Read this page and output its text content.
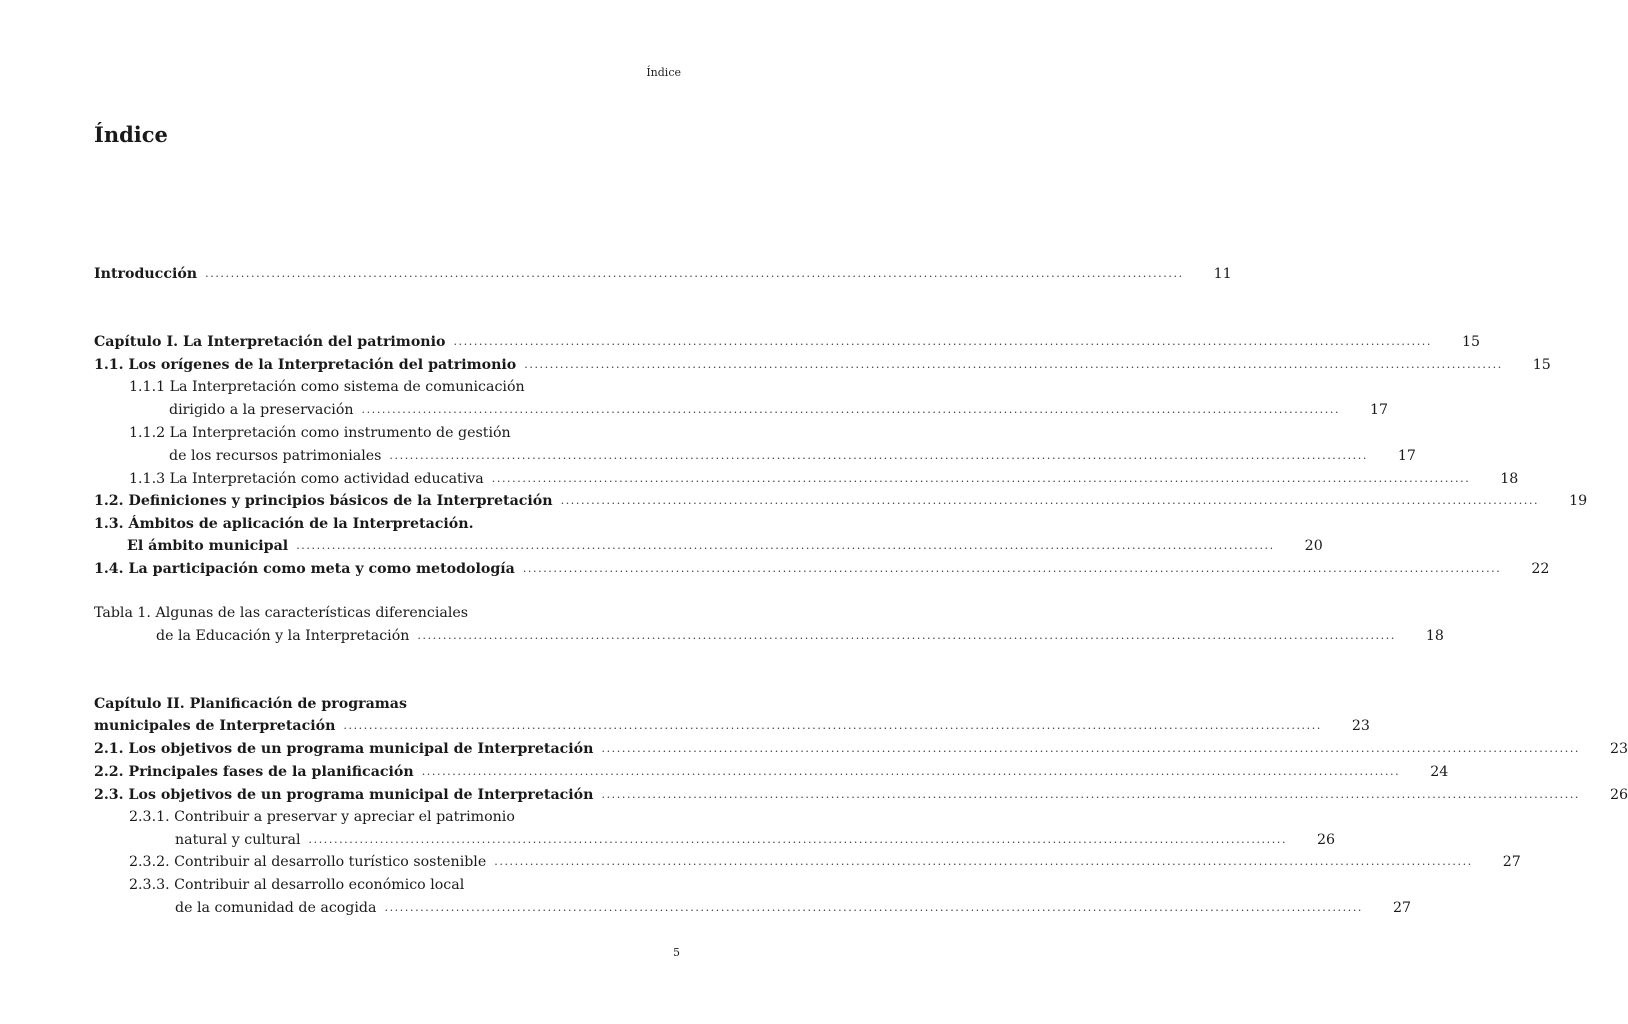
Índice
Índice
Introducción .....	11
Capítulo I. La Interpretación del patrimonio .....	15
1.1. Los orígenes de la Interpretación del patrimonio .....	15
1.1.1 La Interpretación como sistema de comunicación
dirigido a la preservación .....	17
1.1.2 La Interpretación como instrumento de gestión
de los recursos patrimoniales .....	17
1.1.3 La Interpretación como actividad educativa .....	18
1.2. Definiciones y principios básicos de la Interpretación .....	19
1.3. Ámbitos de aplicación de la Interpretación.
El ámbito municipal .....	20
1.4. La participación como meta y como metodología .....	22
Tabla 1. Algunas de las características diferenciales
de la Educación y la Interpretación .....	18
Capítulo II. Planificación de programas
municipales de Interpretación .....	23
2.1. Los objetivos de un programa municipal de Interpretación .....	23
2.2. Principales fases de la planificación .....	24
2.3. Los objetivos de un programa municipal de Interpretación .....	26
2.3.1. Contribuir a preservar y apreciar el patrimonio
natural y cultural .....	26
2.3.2. Contribuir al desarrollo turístico sostenible .....	27
2.3.3. Contribuir al desarrollo económico local
de la comunidad de acogida .....	27
5
